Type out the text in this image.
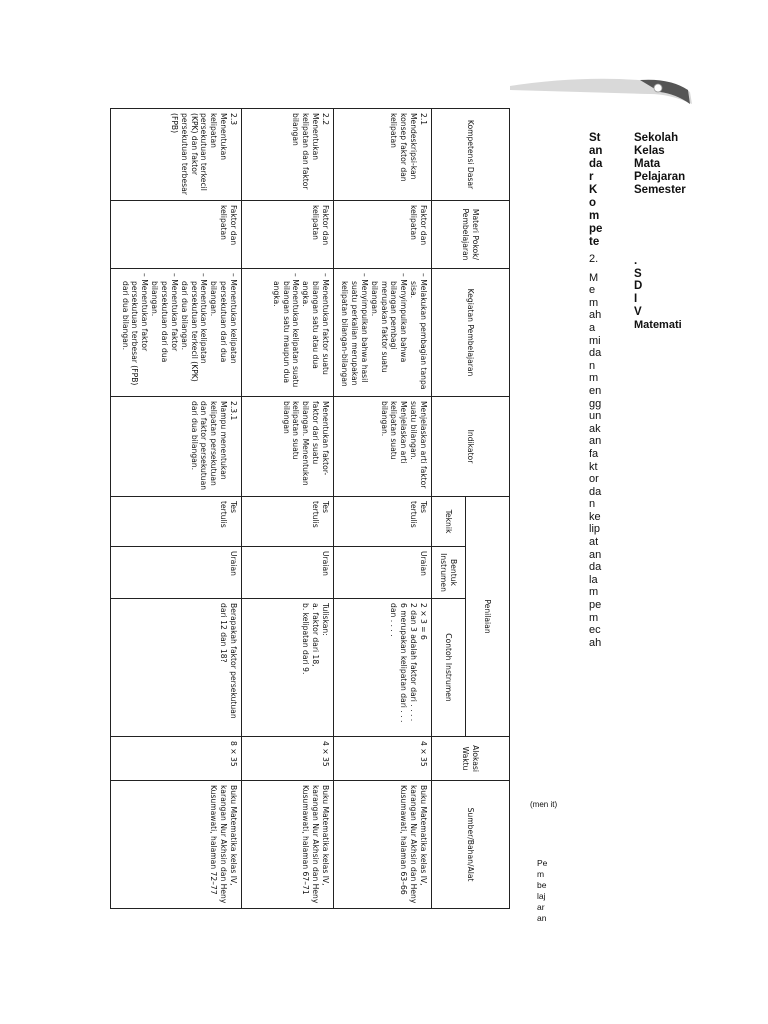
Kompetensi Dasar	Materi Pokok/ Pembelajaran	Kegiatan Pembelajaran	Indikator	Penilaian			Alokasi Waktu	Sumber/Bahan/Alat
				Teknik	Bentuk Instrumen	Contoh Instrumen		

2.1
Mendeskripsi-kan konsep faktor dan kelipatan	Faktor dan kelipatan	– Melakukan pembagian tanpa sisa.
– Menyimpulkan bahwa bilangan pembagi merupakan faktor suatu bilangan.
– Menyimpulkan bahwa hasil suatu perkalian merupakan kelipatan bilangan-bilangan	Menjelaskan arti faktor suatu bilangan. Menjelaskan arti kelipatan suatu bilangan.	Tes tertulis	Uraian	2 × 3 = 6
2 dan 3 adalah faktor dari . . . .
6 merupakan kelipatan dari . . . dan . . . .	4 × 35	Buku Matematika kelas IV, karangan Nur Akhsin dan Heny Kusumawati, halaman 63–66

2.2
Menentukan kelipatan dan faktor bilangan	Faktor dan kelipatan	– Menentukan faktor suatu bilangan satu atau dua angka.
– Menentukan kelipatan suatu bilangan satu maupun dua angka.	Menentukan faktor-faktor dari suatu bilangan. Menentukan kelipatan suatu bilangan	Tes tertulis	Uraian	Tuliskan:
a. faktor dari 18,
b. kelipatan dari 9.	4 × 35	Buku Matematika kelas IV, karangan Nur Akhsin dan Heny Kusumawati, halaman 67–71

2.3
Menentukan kelipatan persekutuan terkecil (KPK) dan faktor persekutuan terbesar (FPB)	Faktor dan kelipatan	– Menentukan kelipatan persekutuan dari dua bilangan.
– Menentukan kelipatan persekutuan terkecil (KPK) dari dua bilangan.
– Menentukan faktor persekutuan dari dua bilangan.
– Menentukan faktor persekutuan terbesar (FPB) dari dua bilangan.	2.3.1
Mampu menentukan kelipatan persekutuan dan faktor persekutuan dari dua bilangan.	Tes tertulis	Uraian	Berapakah faktor persekutuan dari 12 dan 18?	8 × 35	Buku Matematika kelas IV, karangan Nur Akhsin dan Heny Kusumawati, halaman 72–77
St
an
da
r
K
o
m
pe
te
2.
M
e
m
ah
a
mi
da
n
m
en
gg
un
ak
an
fa
kt
or
da
n
ke
lip
at
an
da
la
m
pe
m
ec
ah
Sekolah
Kelas
Mata
Pelajaran
Semester
.
S
D
I
V
Matemati
(men it)
Pe
m
be
laj
ar
an
